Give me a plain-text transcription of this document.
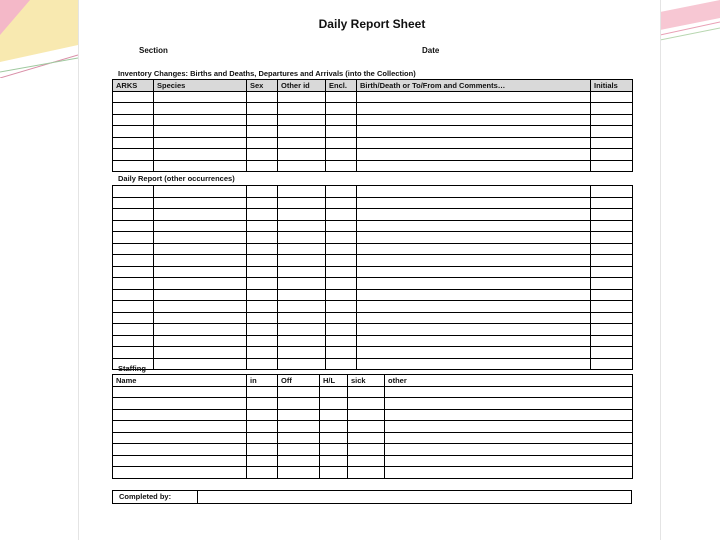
Daily Report Sheet
Section	Date
Inventory Changes: Births and Deaths, Departures and Arrivals (into the Collection)
ARKS	Species	Sex	Other id	Encl.	Birth/Death or To/From and Comments…	Initials

Daily Report (other occurrences)

Staffing
Name	in	Off	H/L	sick	other

Completed by:
